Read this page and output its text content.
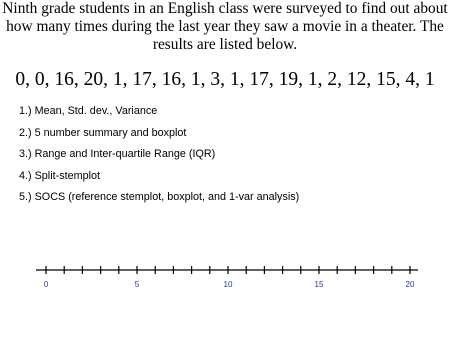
Ninth grade students in an English class were surveyed to find out about
how many times during the last year they saw a movie in a theater. The
results are listed below.

0, 0, 16, 20, 1, 17, 16, 1, 3, 1, 17, 19, 1, 2, 12, 15, 4, 1

1.) Mean, Std. dev., Variance
2.) 5 number summary and boxplot
3.) Range and Inter-quartile Range (IQR)
4.) Split-stemplot
5.) SOCS (reference stemplot, boxplot, and 1-var analysis)
0	5	10	15	20
